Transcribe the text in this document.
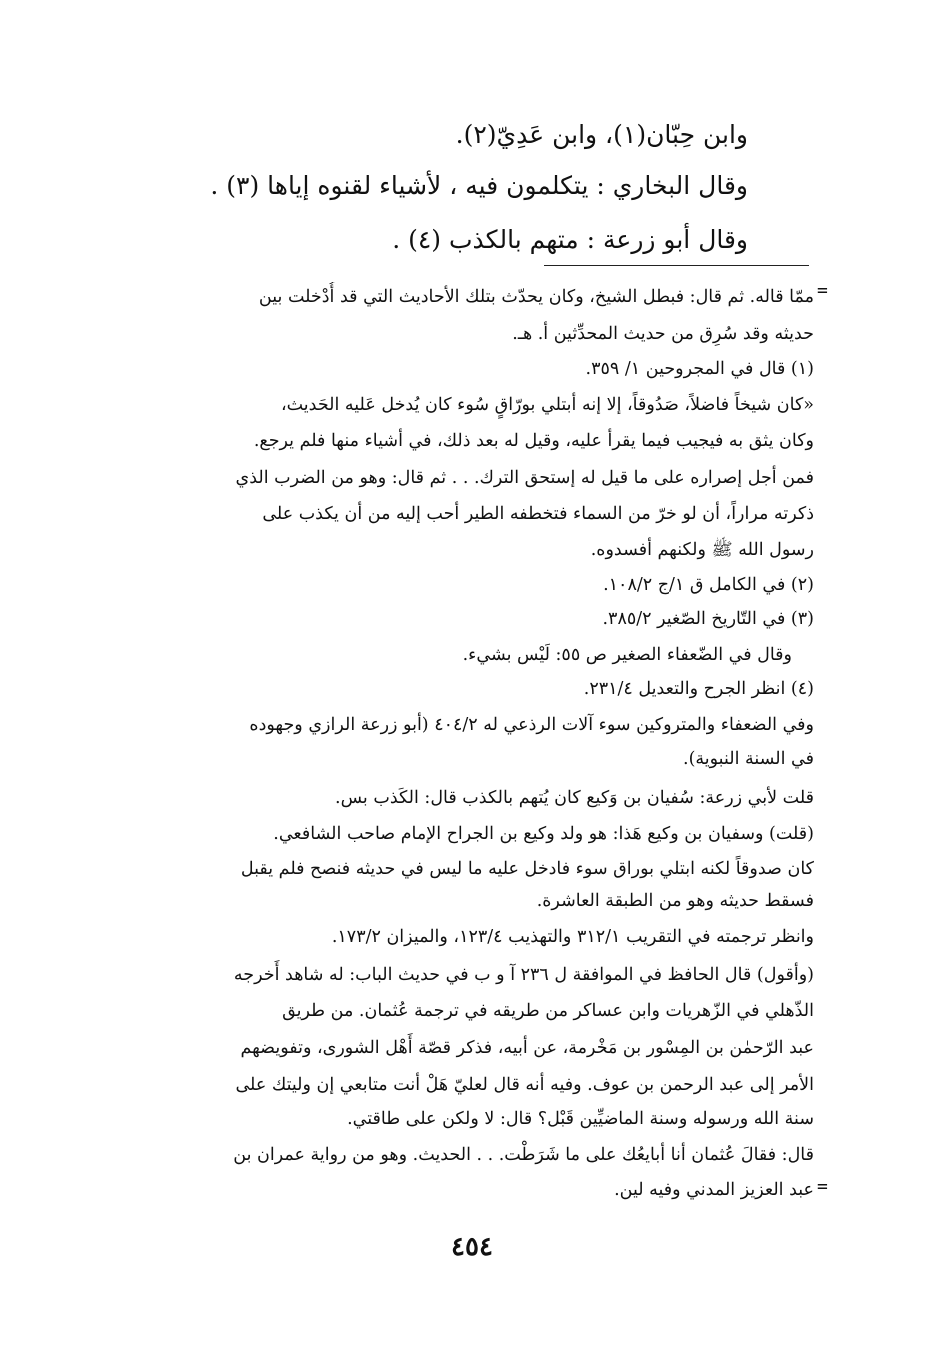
وابن حِبّان(١)، وابن عَدِيّ(٢).
وقال البخاري : يتكلمون فيه ، لأشياء لقنوه إياها (٣) .
وقال أبو زرعة : متهم بالكذب (٤) .
=
=
ممّا قاله. ثم قال: فبطل الشيخ، وكان يحدّث بتلك الأحاديث التي قد أُدْخلت بين
حديثه وقد سُرِق من حديث المحدِّثين أ. هـ.
(١) قال في المجروحين ١/ ٣٥٩.
«كان شيخاً فاضلاً، صَدُوقاً، إلا إنه أبتلي بورّاقٍ سُوء كان يُدخل عَليه الحَديث،
وكان يثق به فيجيب فيما يقرأ عليه، وقيل له بعد ذلك، في أشياء منها فلم يرجع.
فمن أجل إصراره على ما قيل له إستحق الترك. . . ثم قال: وهو من الضرب الذي
ذكرته مراراً، أن لو خرّ من السماء فتخطفه الطير أحب إليه من أن يكذب على
رسول الله ﷺ ولكنهم أفسدوه.
(٢) في الكامل ق ١/ج ١٠٨/٢.
(٣) في التّاريخ الصّغير ٣٨٥/٢.
وقال في الضّعفاء الصغير ص ٥٥: لَيْس بشيء.
(٤) انظر الجرح والتعديل ٢٣١/٤.
وفي الضعفاء والمتروكين سوء آلات الرذعي له ٤٠٤/٢ (أبو زرعة الرازي وجهوده
في السنة النبوية).
قلت لأبي زرعة: سُفيان بن وَكيع كان يُتهم بالكذب قال: الكَذب بس.
(قلت) وسفيان بن وكيع هَذا: هو ولد وكيع بن الجراح الإمام صاحب الشافعي.
كان صدوقاً لكنه ابتلي بوراق سوء فادخل عليه ما ليس في حديثه فنصح فلم يقبل
فسقط حديثه وهو من الطبقة العاشرة.
وانظر ترجمته في التقريب ٣١٢/١ والتهذيب ١٢٣/٤، والميزان ١٧٣/٢.
(وأقول) قال الحافظ في الموافقة ل ٢٣٦ آ و ب في حديث الباب: له شاهد أَخرجه
الذّهلي في الزّهريات وابن عساكر من طريقه في ترجمة عُثمان. من طريق
عبد الرّحمٰن بن المِسْور بن مَخْرمة، عن أبيه، فذكر قصّة أَهْل الشورى، وتفويضهم
الأمر إلى عبد الرحمن بن عوف. وفيه أنه قال لعليّ هَلْ أنت متابعي إن وليتك على
سنة الله ورسوله وسنة الماضيِّين قَبْل؟ قال: لا ولكن على طاقتي.
قال: فقالَ عُثمان أنا أبايعُك على ما شَرَطْت. . . الحديث. وهو من رواية عمران بن
عبد العزيز المدني وفيه لين.
٤٥٤
